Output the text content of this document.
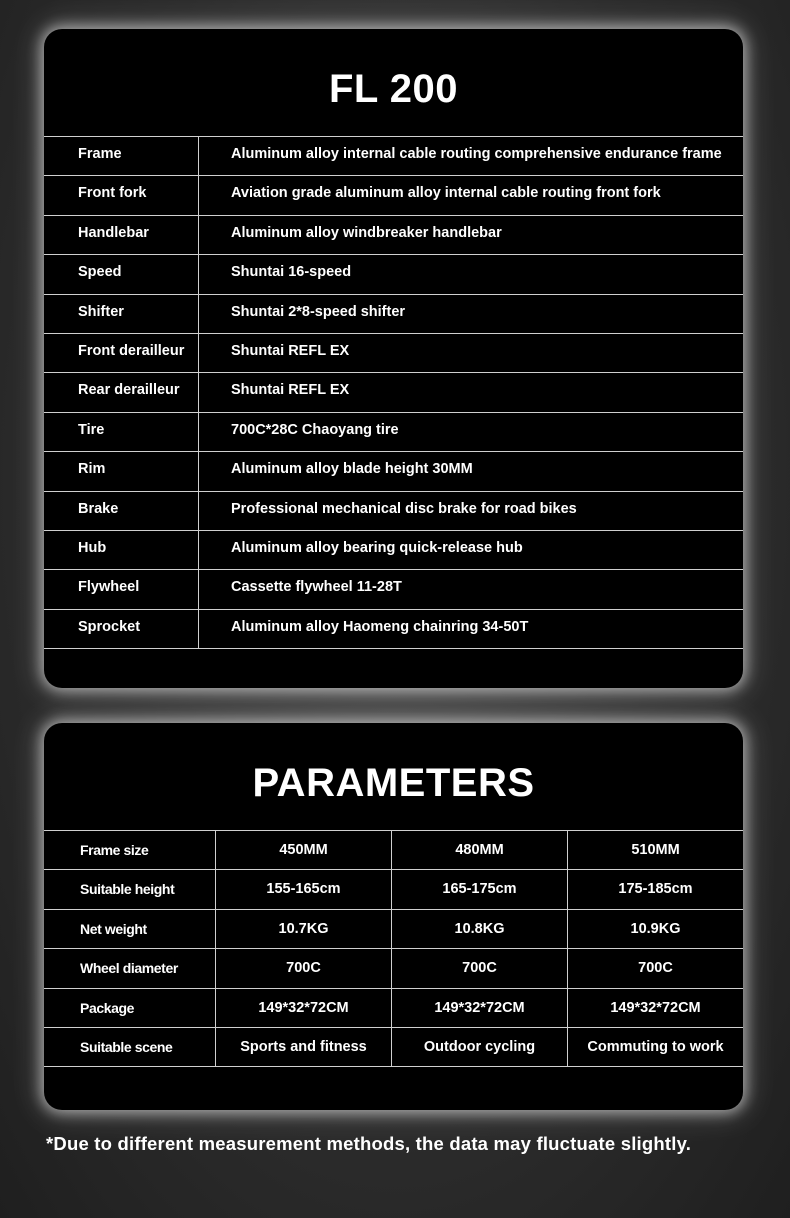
FL 200
Frame	Aluminum alloy internal cable routing comprehensive endurance frame
Front fork	Aviation grade aluminum alloy internal cable routing front fork
Handlebar	Aluminum alloy windbreaker handlebar
Speed	Shuntai 16-speed
Shifter	Shuntai 2*8-speed shifter
Front derailleur	Shuntai REFL EX
Rear derailleur	Shuntai REFL EX
Tire	700C*28C Chaoyang tire
Rim	Aluminum alloy blade height 30MM
Brake	Professional mechanical disc brake for road bikes
Hub	Aluminum alloy bearing quick-release hub
Flywheel	Cassette flywheel 11-28T
Sprocket	Aluminum alloy Haomeng chainring 34-50T
PARAMETERS
Frame size	450MM	480MM	510MM
Suitable height	155-165cm	165-175cm	175-185cm
Net weight	10.7KG	10.8KG	10.9KG
Wheel diameter	700C	700C	700C
Package	149*32*72CM	149*32*72CM	149*32*72CM
Suitable scene	Sports and fitness	Outdoor cycling	Commuting to work
*Due to different measurement methods, the data may fluctuate slightly.
